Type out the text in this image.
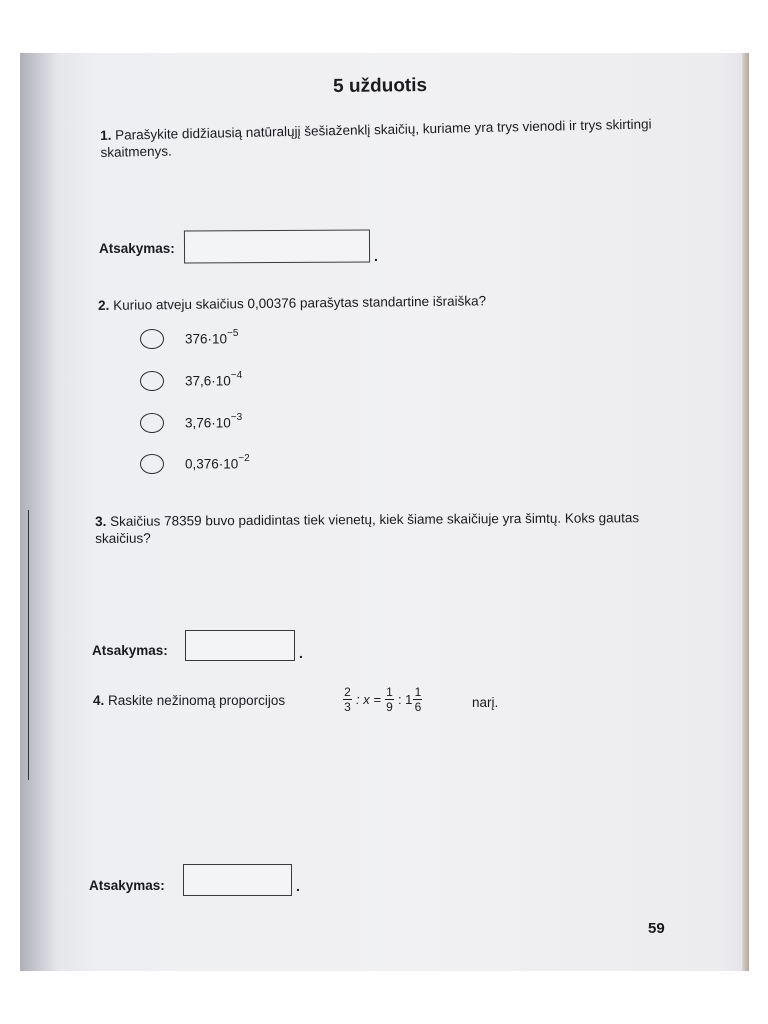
5 užduotis
1. Parašykite didžiausią natūralųjį šešiaženklį skaičių, kuriame yra trys vienodi ir trys skirtingi skaitmenys.
Atsakymas:	.
2. Kuriuo atveju skaičius 0,00376 parašytas standartine išraiška?
$376\cdot 10^{-5}$
$37,6\cdot 10^{-4}$
$3,76\cdot 10^{-3}$
$0,376\cdot 10^{-2}$
3. Skaičius 78359 buvo padidintas tiek vienetų, kiek šiame skaičiuje yra šimtų. Koks gautas skaičius?
Atsakymas:	.
4. Raskite nežinomą proporcijos	$\frac{2}{3}$ : $x = \frac{1}{9}$ : $1 \frac{1}{6}$	narį.
Atsakymas:	.
59
